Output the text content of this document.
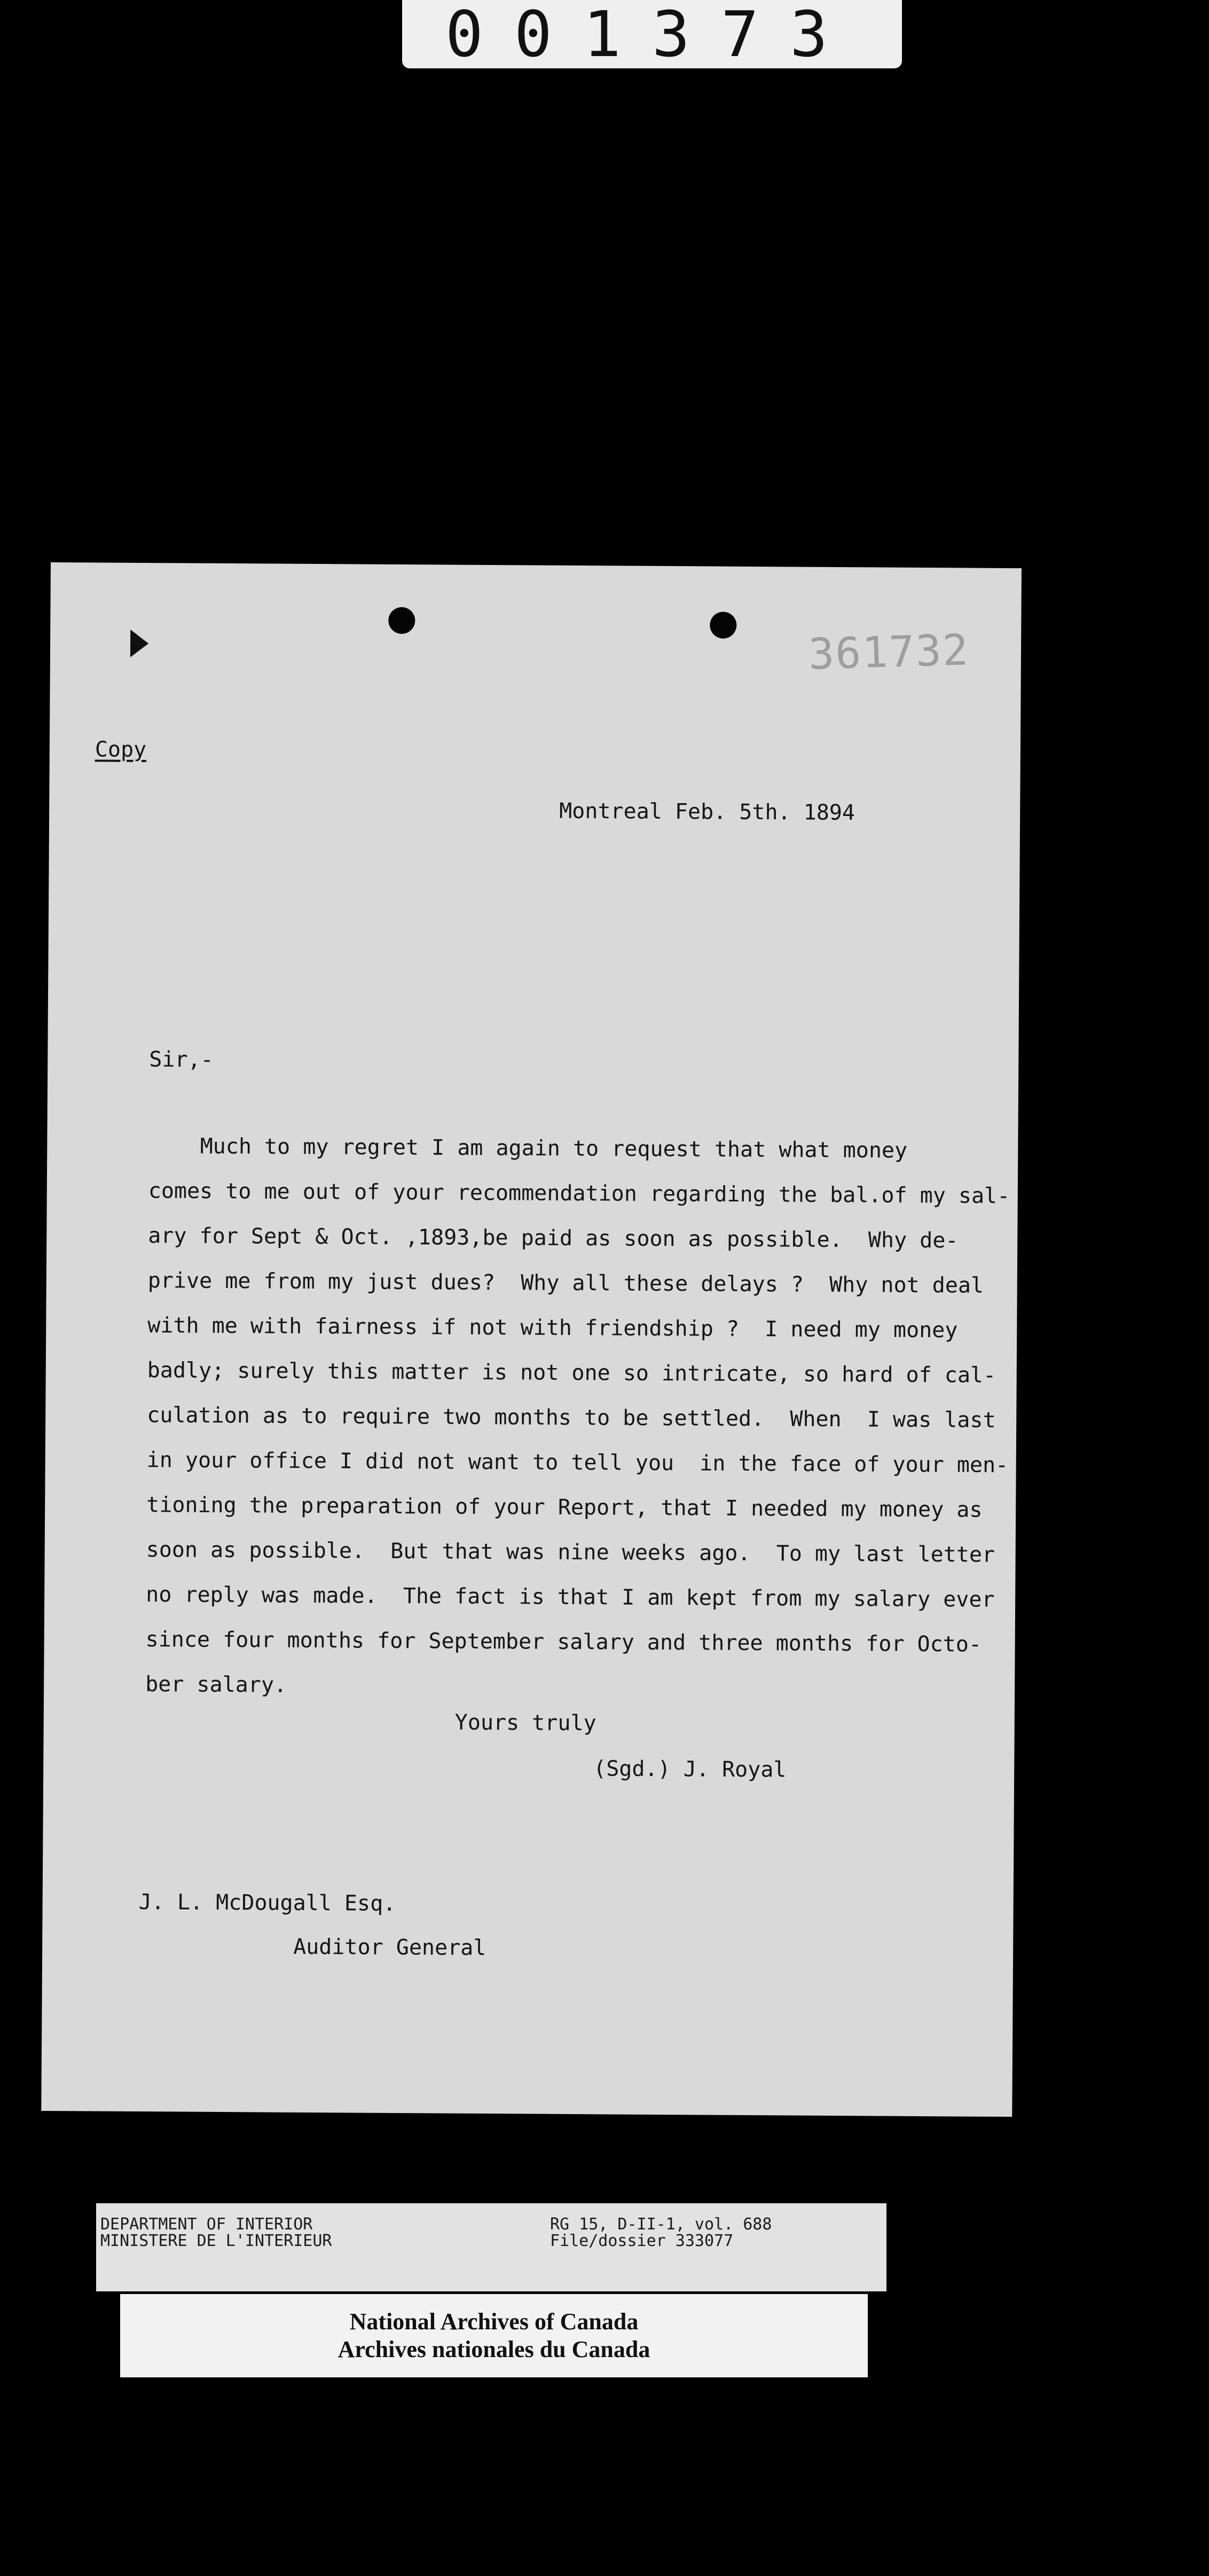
001373
361732
Copy
Montreal Feb. 5th. 1894
Sir,-
Much to my regret I am again to request that what money
comes to me out of your recommendation regarding the bal.of my sal-
ary for Sept & Oct. ,1893,be paid as soon as possible.  Why de-
prive me from my just dues?  Why all these delays ?  Why not deal
with me with fairness if not with friendship ?  I need my money
badly; surely this matter is not one so intricate, so hard of cal-
culation as to require two months to be settled.  When  I was last
in your office I did not want to tell you  in the face of your men-
tioning the preparation of your Report, that I needed my money as
soon as possible.  But that was nine weeks ago.  To my last letter
no reply was made.  The fact is that I am kept from my salary ever
since four months for September salary and three months for Octo-
ber salary.
Yours truly
(Sgd.) J. Royal
J. L. McDougall Esq.
Auditor General
DEPARTMENT OF INTERIOR
MINISTERE DE L'INTERIEUR
RG 15, D-II-1, vol. 688
File/dossier 333077
National Archives of Canada
Archives nationales du Canada
